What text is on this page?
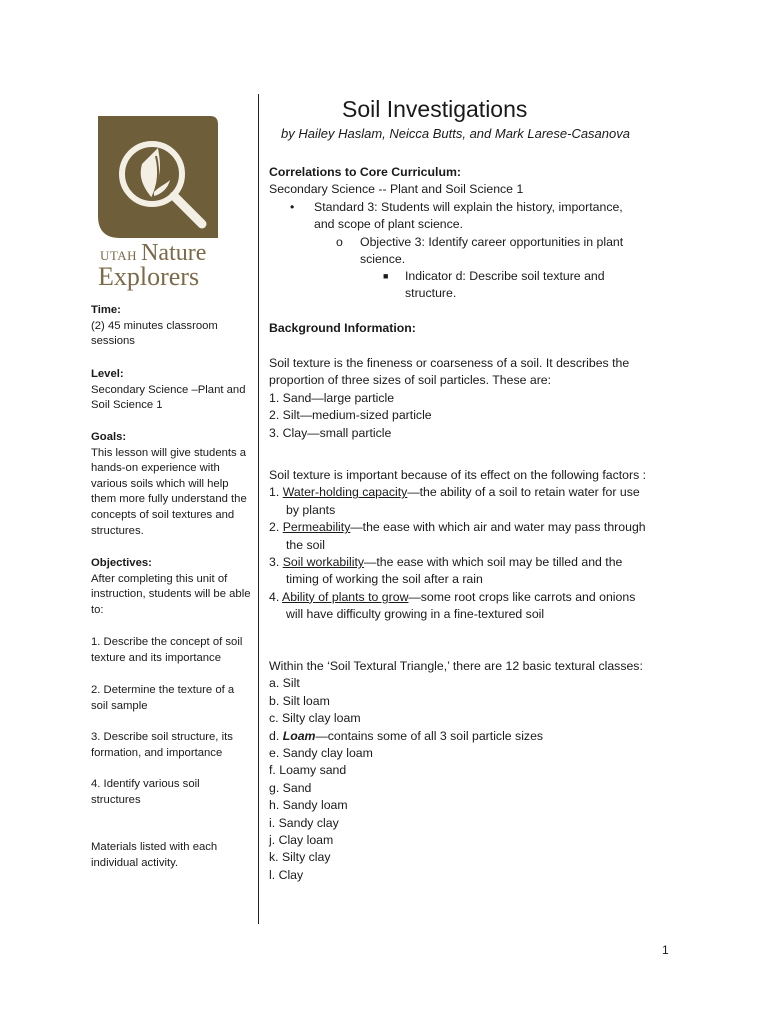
UTAH Nature
Explorers

Time:

(2) 45 minutes classroom sessions

Level:

Secondary Science –Plant and Soil Science 1

Goals:

This lesson will give students a hands-on experience with various soils which will help them more fully understand the concepts of soil textures and structures.

Objectives:

After completing this unit of instruction, students will be able to:

1. Describe the concept of soil texture and its importance
2. Determine the texture of a soil sample
3. Describe soil structure, its formation, and importance
4. Identify various soil structures
Materials listed with each individual activity.
Soil Investigations
by Hailey Haslam, Neicca Butts, and Mark Larese-Casanova

Correlations to Core Curriculum:

Secondary Science -- Plant and Soil Science 1

• Standard 3: Students will explain the history, importance, and scope of plant science.
o Objective 3: Identify career opportunities in plant science.
■ Indicator d: Describe soil texture and structure.

Background Information:

Soil texture is the fineness or coarseness of a soil. It describes the proportion of three sizes of soil particles. These are:

1. Sand—large particle

2. Silt—medium-sized particle

3. Clay—small particle

Soil texture is important because of its effect on the following factors :

1. Water-holding capacity—the ability of a soil to retain water for use by plants

2. Permeability—the ease with which air and water may pass through the soil

3. Soil workability—the ease with which soil may be tilled and the timing of working the soil after a rain

4. Ability of plants to grow—some root crops like carrots and onions will have difficulty growing in a fine-textured soil

Within the ‘Soil Textural Triangle,’ there are 12 basic textural classes:

a. Silt

b. Silt loam

c. Silty clay loam

d. Loam—contains some of all 3 soil particle sizes

e. Sandy clay loam

f. Loamy sand

g. Sand

h. Sandy loam

i. Sandy clay

j. Clay loam

k. Silty clay

l. Clay

1
